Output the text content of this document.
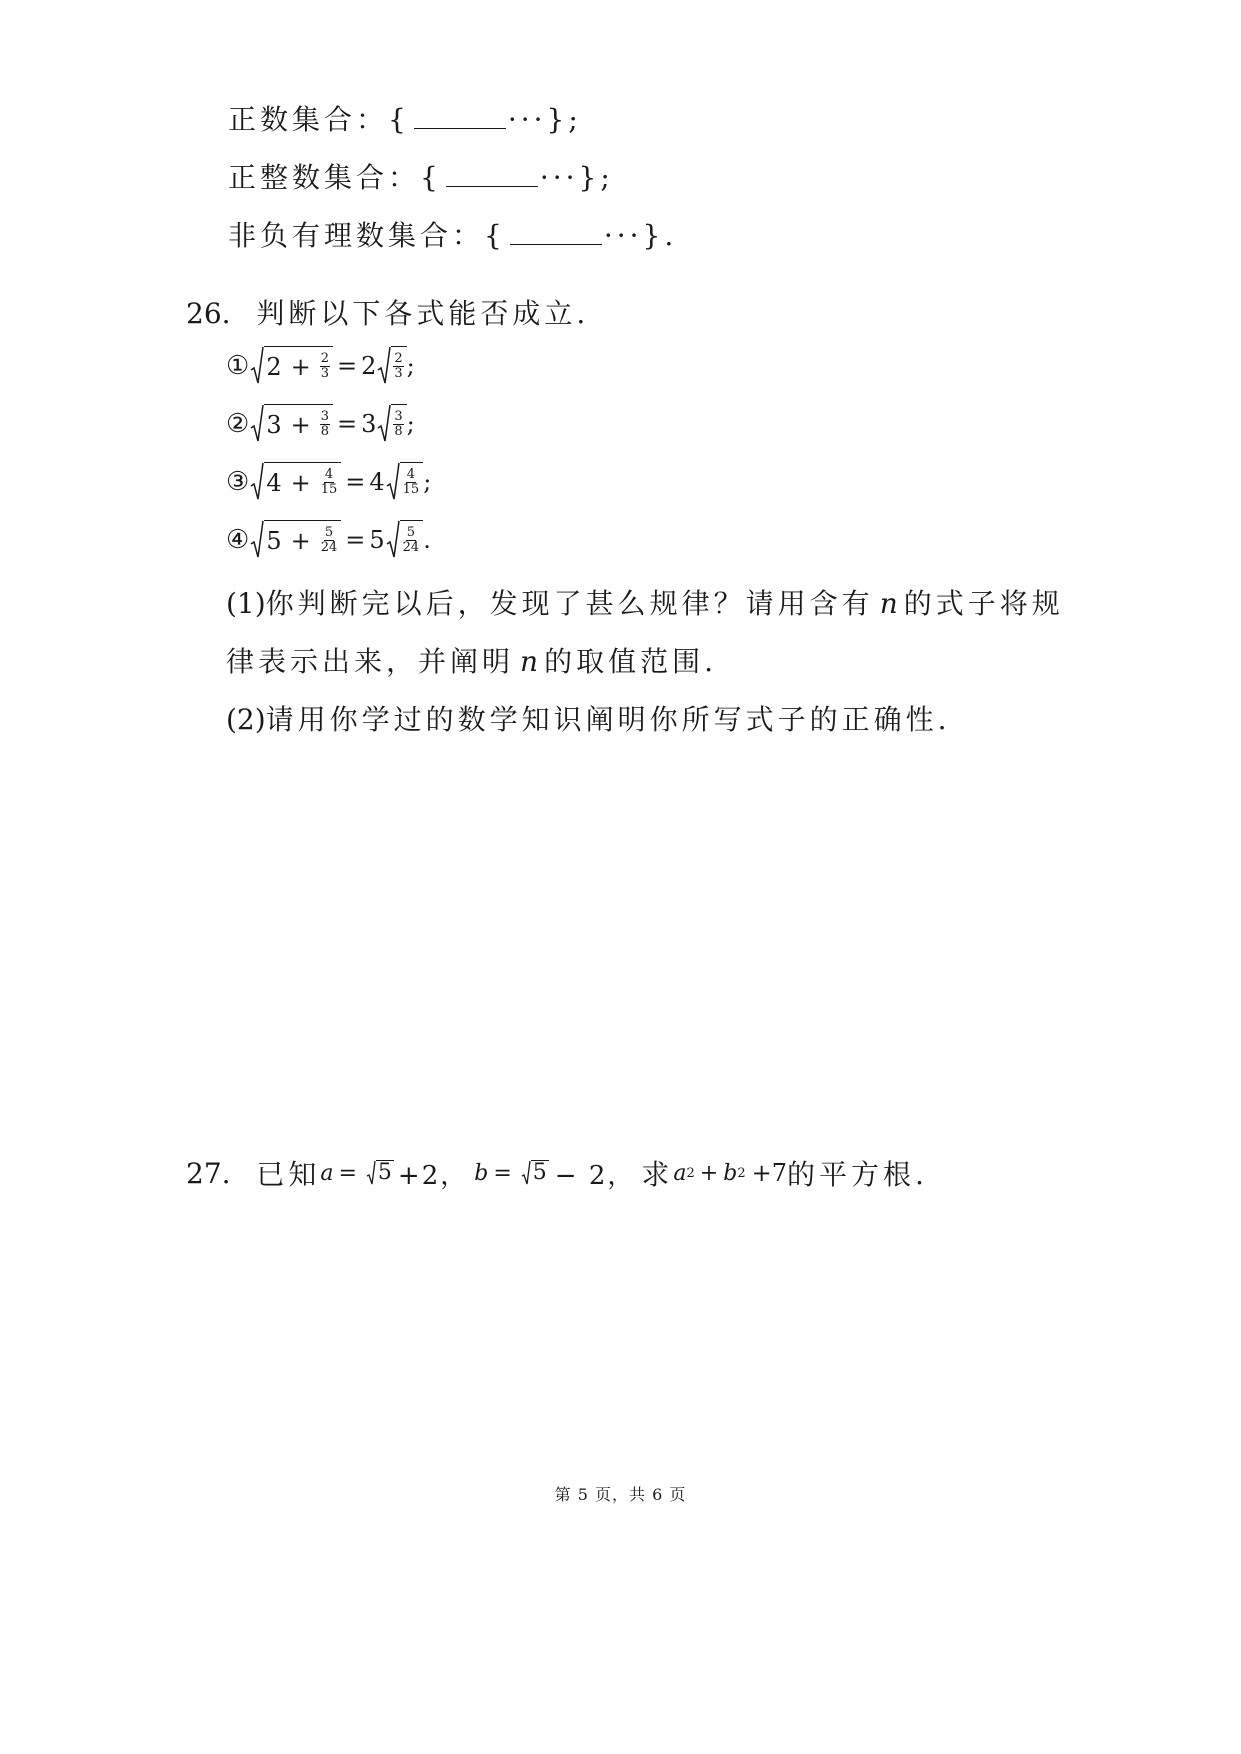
正数集合：{	···};
正整数集合：{	···};
非负有理数集合：{	···}.
26. 判断以下各式能否成立.
① $2 + \frac{2}{3} = 2 \frac{2}{3}$ ;
② $3 + \frac{3}{8} = 3 \frac{3}{8}$ ;
③ $4 + \frac{4}{15} = 4 \frac{4}{15}$ ;
④ $5 + \frac{5}{24} = 5 \frac{5}{24}$ .
(1)你判断完以后，发现了甚么规律？请用含有 n 的式子将规
律表示出来，并阐明 n 的取值范围.
(2)请用你学过的数学知识阐明你所写式子的正确性.
27.
已知 a = 5 +2， b = 5 − 2， 求 a 2 + b 2 +7 的平方根.
第 5 页，共 6 页
